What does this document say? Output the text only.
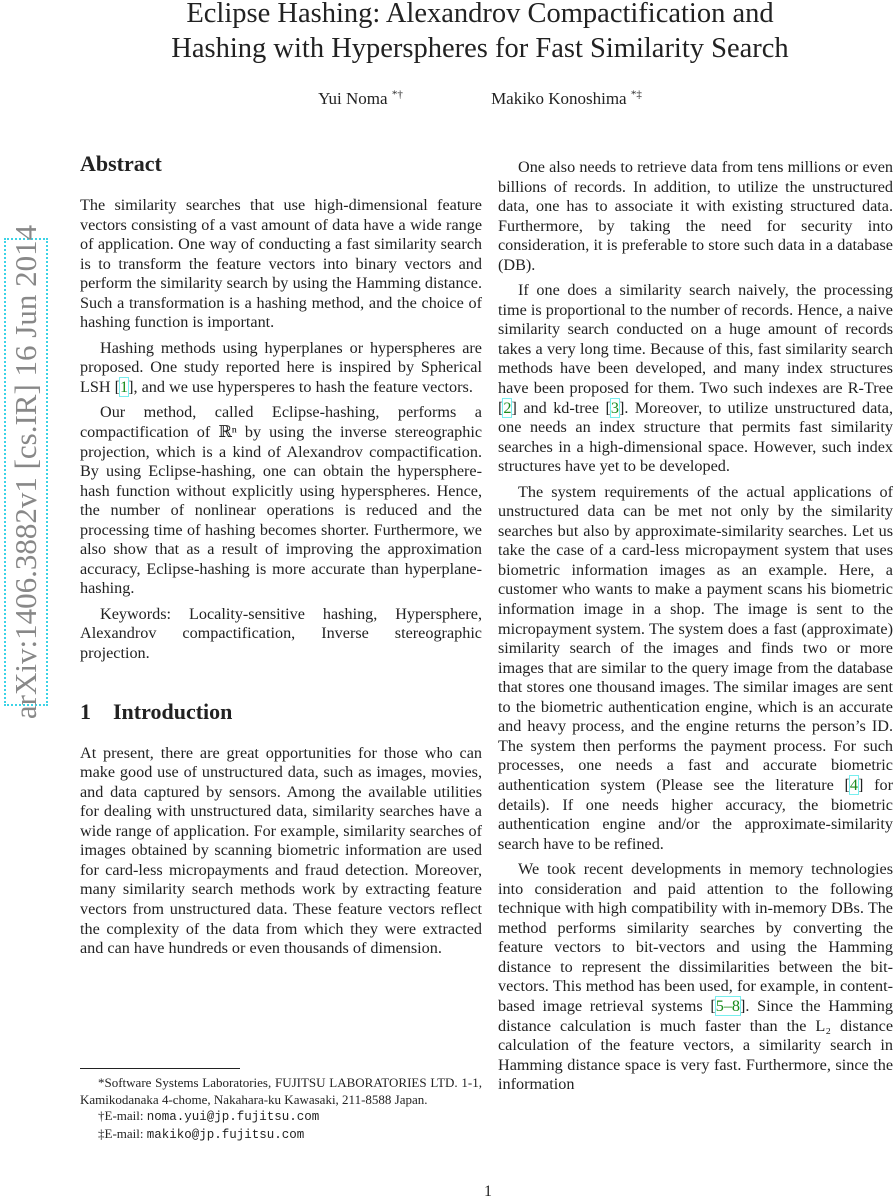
Eclipse Hashing: Alexandrov Compactification and
Hashing with Hyperspheres for Fast Similarity Search
Yui Noma *†	Makiko Konoshima *‡
arXiv:1406.3882v1 [cs.IR] 16 Jun 2014
Abstract

The similarity searches that use high-dimensional feature vectors consisting of a vast amount of data have a wide range of application. One way of conducting a fast similarity search is to transform the feature vectors into binary vectors and perform the similarity search by using the Hamming distance. Such a transformation is a hashing method, and the choice of hashing function is important.

Hashing methods using hyperplanes or hyperspheres are proposed. One study reported here is inspired by Spherical LSH [1], and we use hypersperes to hash the feature vectors.

Our method, called Eclipse-hashing, performs a compactification of ℝⁿ by using the inverse stereographic projection, which is a kind of Alexandrov compactification. By using Eclipse-hashing, one can obtain the hypersphere-hash function without explicitly using hyperspheres. Hence, the number of nonlinear operations is reduced and the processing time of hashing becomes shorter. Furthermore, we also show that as a result of improving the approximation accuracy, Eclipse-hashing is more accurate than hyperplane-hashing.

Keywords: Locality-sensitive hashing, Hypersphere, Alexandrov compactification, Inverse stereographic projection.

1 Introduction

At present, there are great opportunities for those who can make good use of unstructured data, such as images, movies, and data captured by sensors. Among the available utilities for dealing with unstructured data, similarity searches have a wide range of application. For example, similarity searches of images obtained by scanning biometric information are used for card-less micropayments and fraud detection. Moreover, many similarity search methods work by extracting feature vectors from unstructured data. These feature vectors reflect the complexity of the data from which they were extracted and can have hundreds or even thousands of dimension.

One also needs to retrieve data from tens millions or even billions of records. In addition, to utilize the unstructured data, one has to associate it with existing structured data. Furthermore, by taking the need for security into consideration, it is preferable to store such data in a database (DB).

If one does a similarity search naively, the processing time is proportional to the number of records. Hence, a naive similarity search conducted on a huge amount of records takes a very long time. Because of this, fast similarity search methods have been developed, and many index structures have been proposed for them. Two such indexes are R-Tree [2] and kd-tree [3]. Moreover, to utilize unstructured data, one needs an index structure that permits fast similarity searches in a high-dimensional space. However, such index structures have yet to be developed.

The system requirements of the actual applications of unstructured data can be met not only by the similarity searches but also by approximate-similarity searches. Let us take the case of a card-less micropayment system that uses biometric information images as an example. Here, a customer who wants to make a payment scans his biometric information image in a shop. The image is sent to the micropayment system. The system does a fast (approximate) similarity search of the images and finds two or more images that are similar to the query image from the database that stores one thousand images. The similar images are sent to the biometric authentication engine, which is an accurate and heavy process, and the engine returns the person’s ID. The system then performs the payment process. For such processes, one needs a fast and accurate biometric authentication system (Please see the literature [4] for details). If one needs higher accuracy, the biometric authentication engine and/or the approximate-similarity search have to be refined.

We took recent developments in memory technologies into consideration and paid attention to the following technique with high compatibility with in-memory DBs. The method performs similarity searches by converting the feature vectors to bit-vectors and using the Hamming distance to represent the dissimilarities between the bit-vectors. This method has been used, for example, in content-based image retrieval systems [5–8]. Since the Hamming distance calculation is much faster than the L₂ distance calculation of the feature vectors, a similarity search in Hamming distance space is very fast. Furthermore, since the information

*Software Systems Laboratories, FUJITSU LABORATORIES LTD. 1-1, Kamikodanaka 4-chome, Nakahara-ku Kawasaki, 211-8588 Japan.
†E-mail: noma.yui@jp.fujitsu.com
‡E-mail: makiko@jp.fujitsu.com
1
